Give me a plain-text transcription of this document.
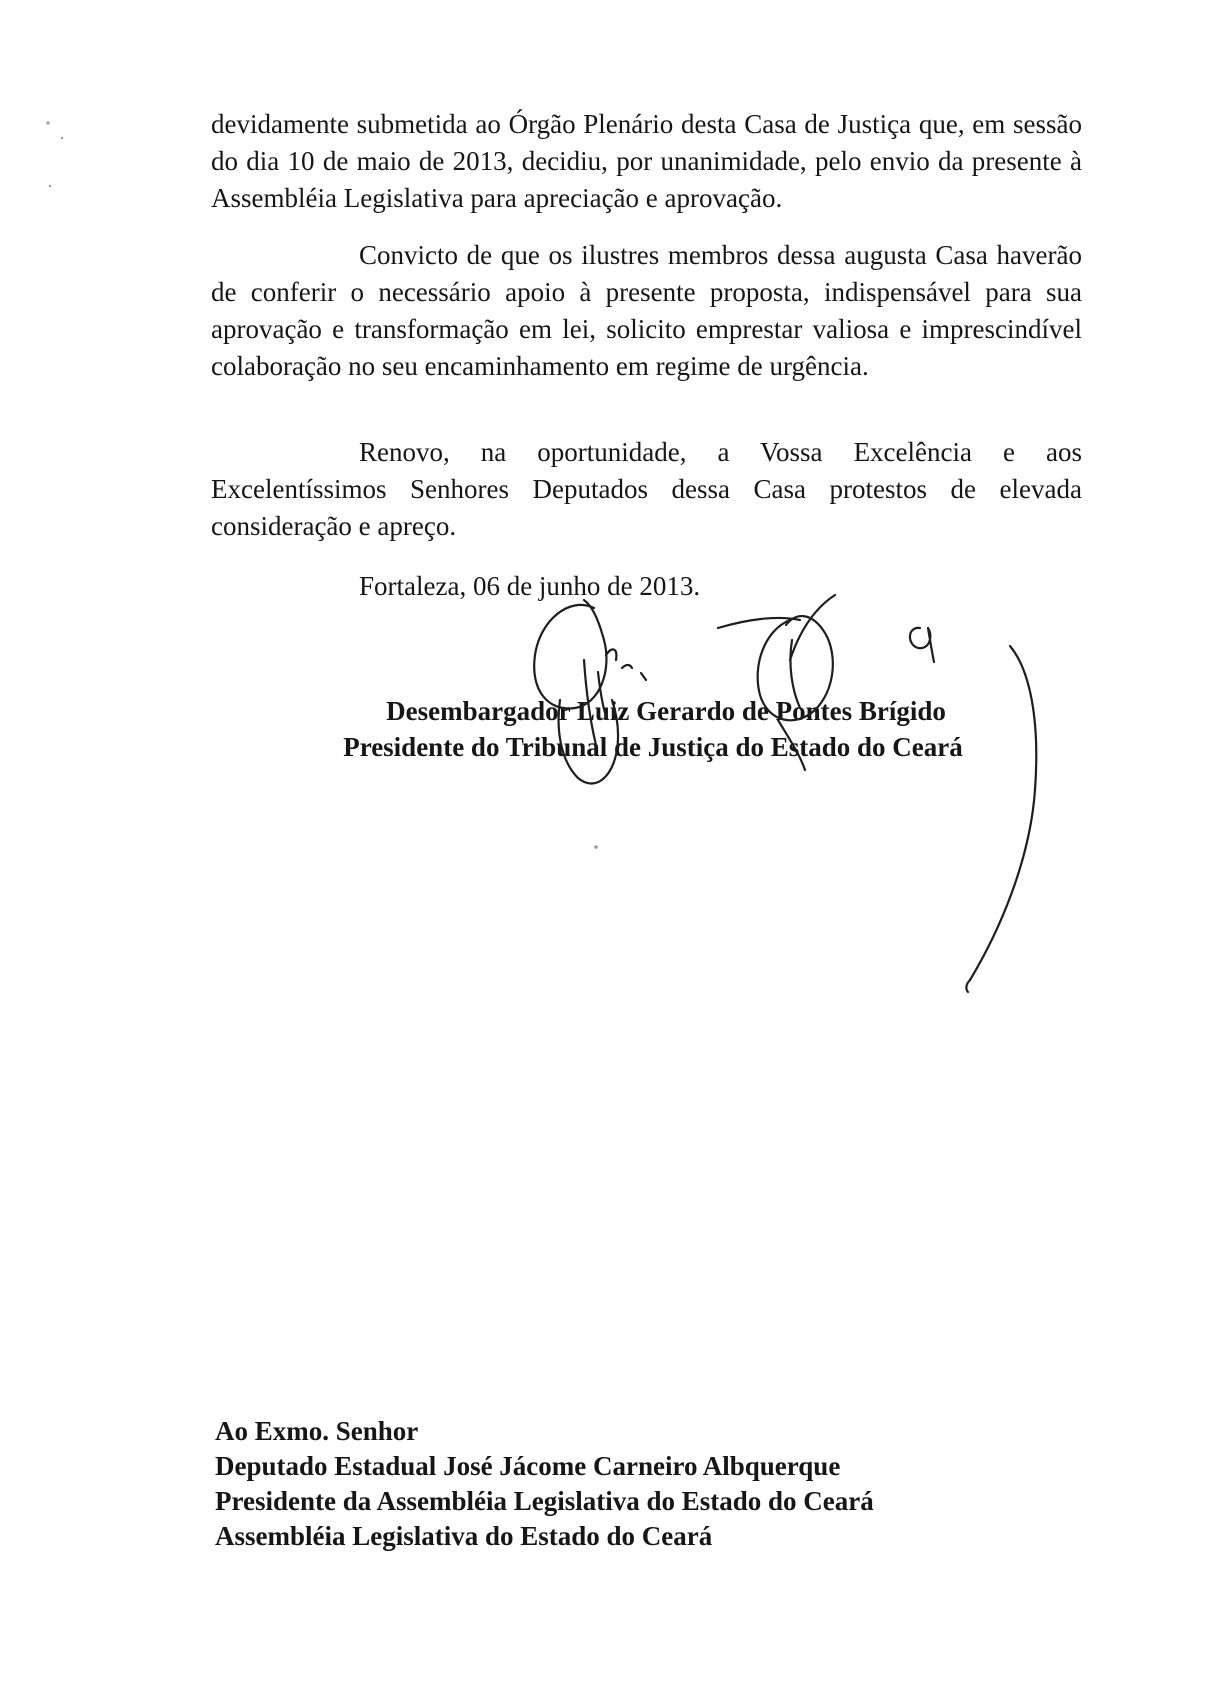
devidamente submetida ao Órgão Plenário desta Casa de Justiça que, em sessão do dia 10 de maio de 2013, decidiu, por unanimidade, pelo envio da presente à Assembléia Legislativa para apreciação e aprovação.

Convicto de que os ilustres membros dessa augusta Casa haverão de conferir o necessário apoio à presente proposta, indispensável para sua aprovação e transformação em lei, solicito emprestar valiosa e imprescindível colaboração no seu encaminhamento em regime de urgência.

Renovo, na oportunidade, a Vossa Excelência e aos Excelentíssimos Senhores Deputados dessa Casa protestos de elevada consideração e apreço.

Fortaleza, 06 de junho de 2013.

Desembargador Luiz Gerardo de Pontes Brígido
Presidente do Tribunal de Justiça do Estado do Ceará
Ao Exmo. Senhor
Deputado Estadual José Jácome Carneiro Albquerque
Presidente da Assembléia Legislativa do Estado do Ceará
Assembléia Legislativa do Estado do Ceará
